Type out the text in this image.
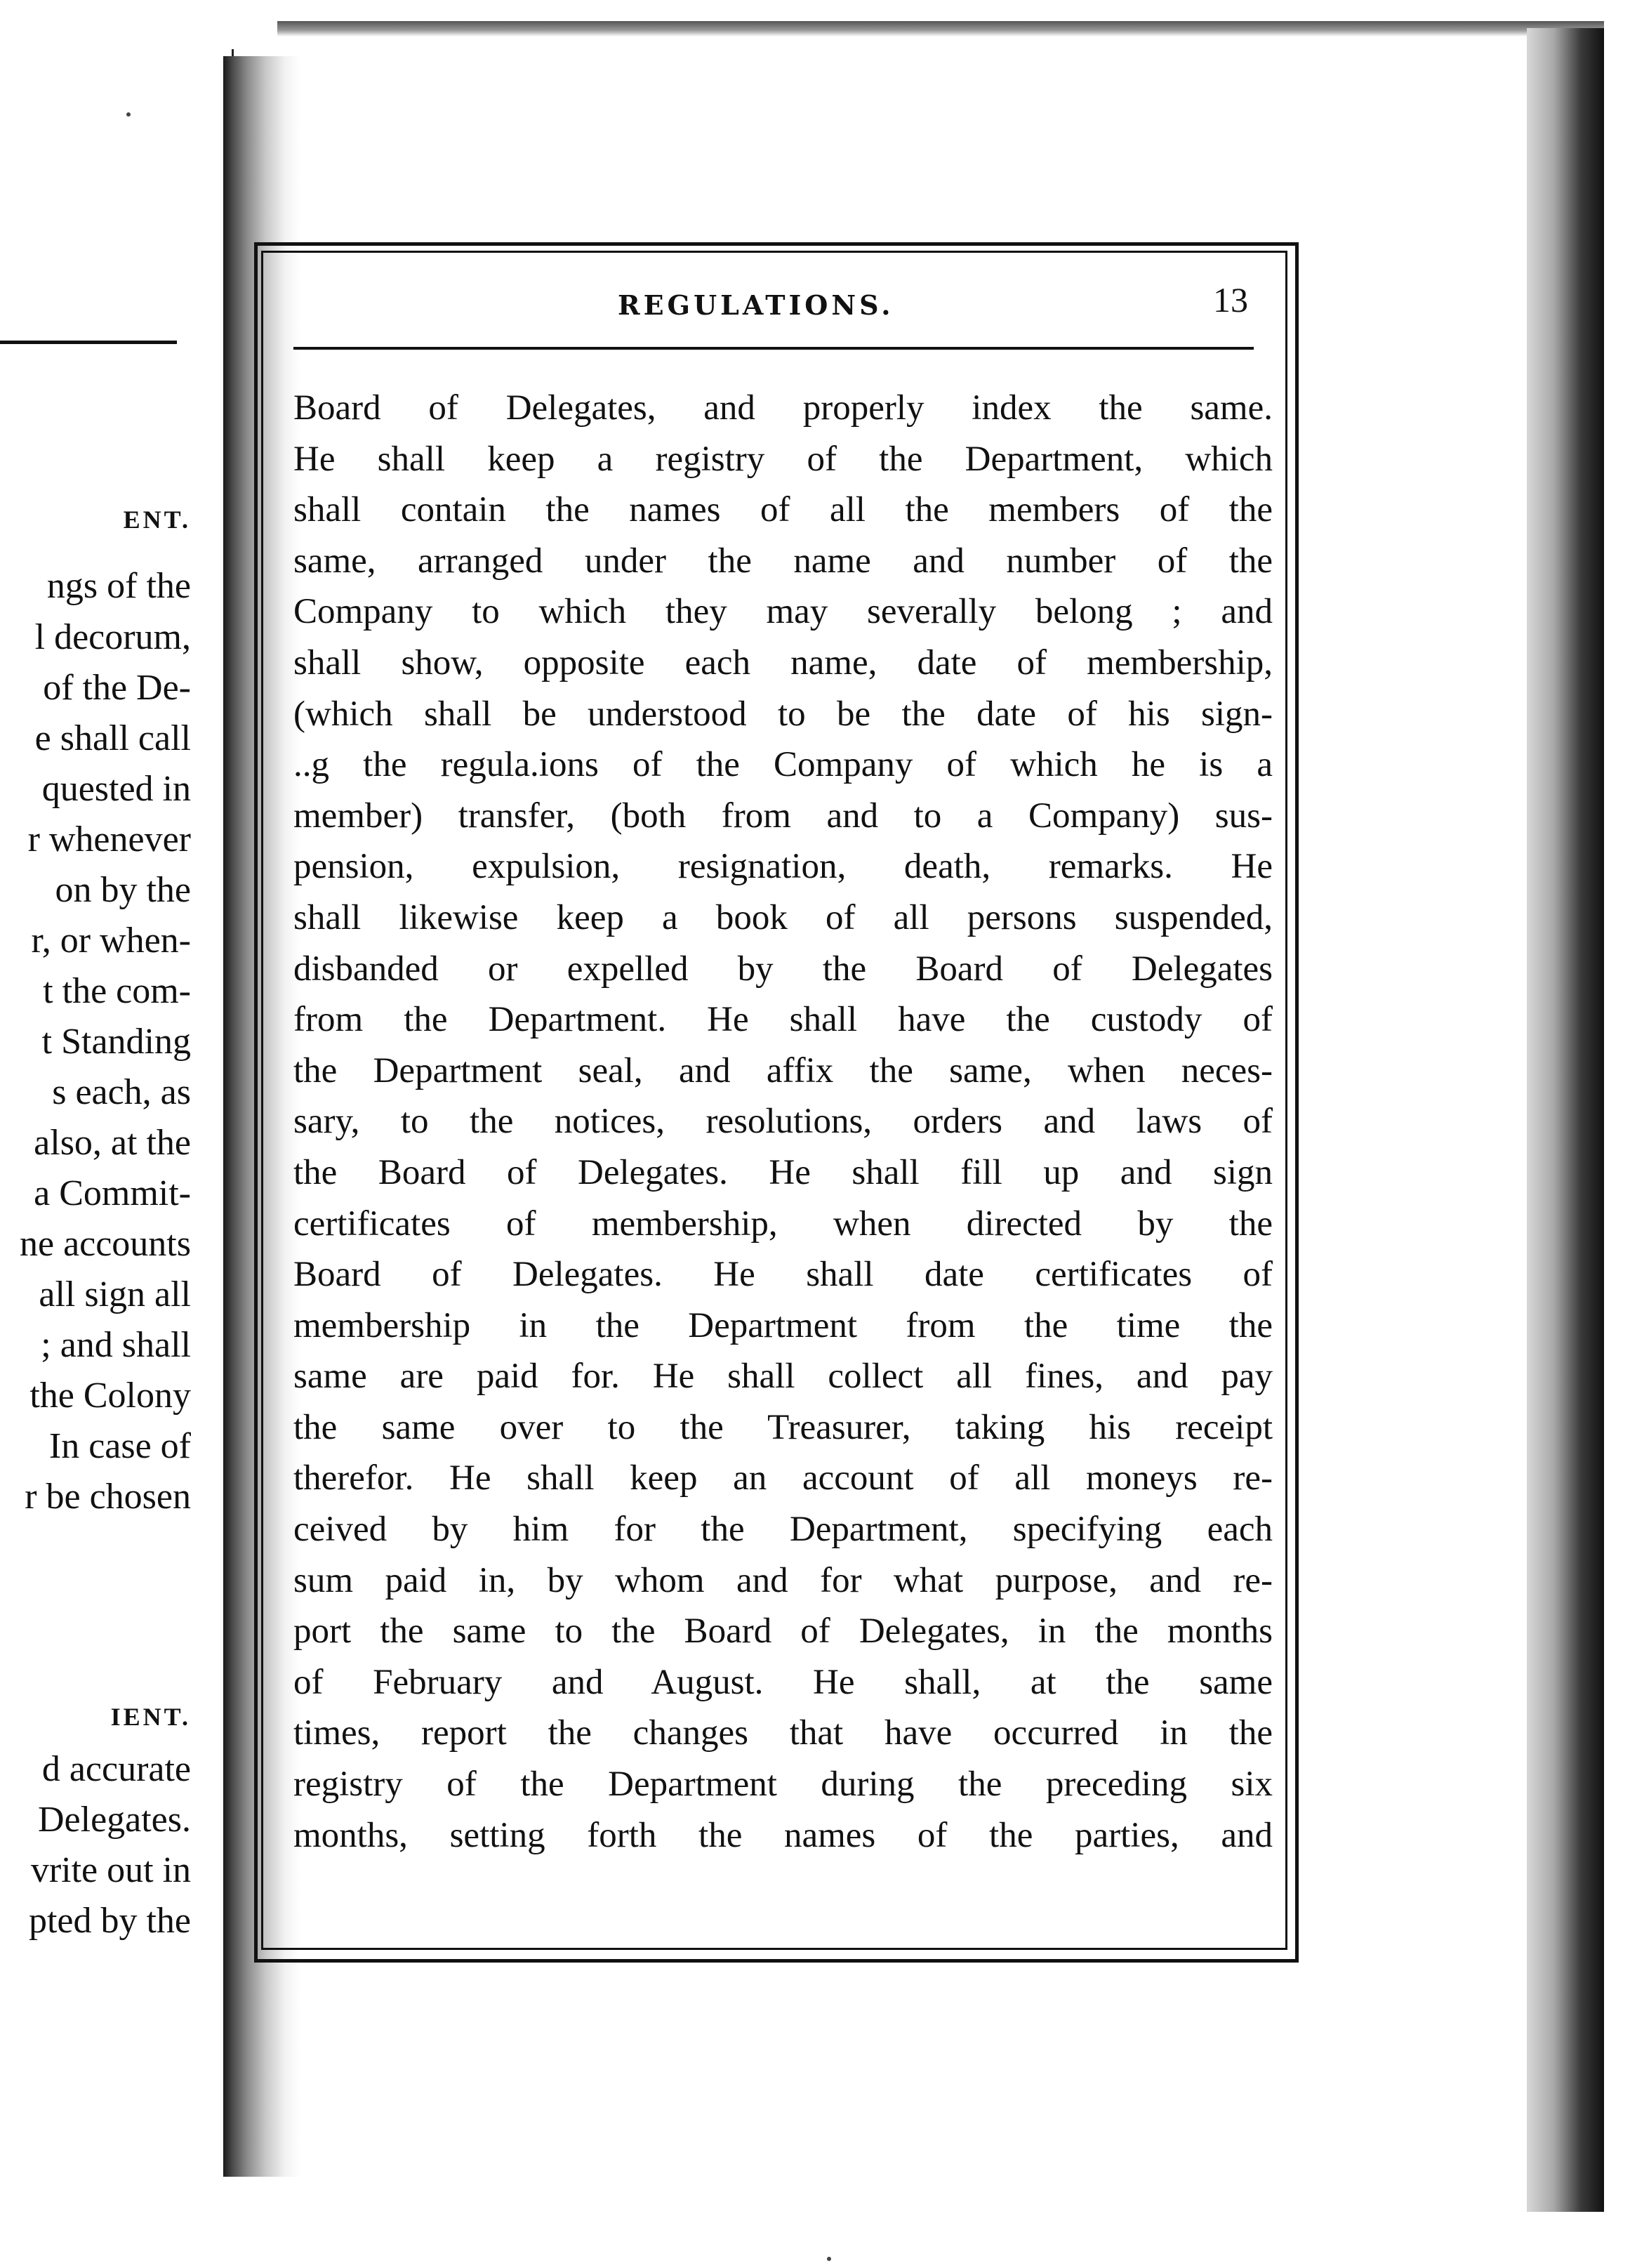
ENT.
ngs of the
l decorum,
of the De-
e shall call
quested in
r whenever
on by the
r, or when-
t the com-
t Standing
s each, as
also, at the
a Commit-
ne accounts
all sign all
; and shall
the Colony
In case of
r be chosen
IENT.
d accurate
Delegates.
vrite out in
pted by the
REGULATIONS.	13
Board of Delegates, and properly index the same.
He shall keep a registry of the Department, which
shall contain the names of all the members of the
same, arranged under the name and number of the
Company to which they may severally belong ; and
shall show, opposite each name, date of membership,
(which shall be understood to be the date of his sign-
..g the regula.ions of the Company of which he is a
member) transfer, (both from and to a Company) sus-
pension, expulsion, resignation, death, remarks. He
shall likewise keep a book of all persons suspended,
disbanded or expelled by the Board of Delegates
from the Department. He shall have the custody of
the Department seal, and affix the same, when neces-
sary, to the notices, resolutions, orders and laws of
the Board of Delegates. He shall fill up and sign
certificates of membership, when directed by the
Board of Delegates. He shall date certificates of
membership in the Department from the time the
same are paid for. He shall collect all fines, and pay
the same over to the Treasurer, taking his receipt
therefor. He shall keep an account of all moneys re-
ceived by him for the Department, specifying each
sum paid in, by whom and for what purpose, and re-
port the same to the Board of Delegates, in the months
of February and August. He shall, at the same
times, report the changes that have occurred in the
registry of the Department during the preceding six
months, setting forth the names of the parties, and
